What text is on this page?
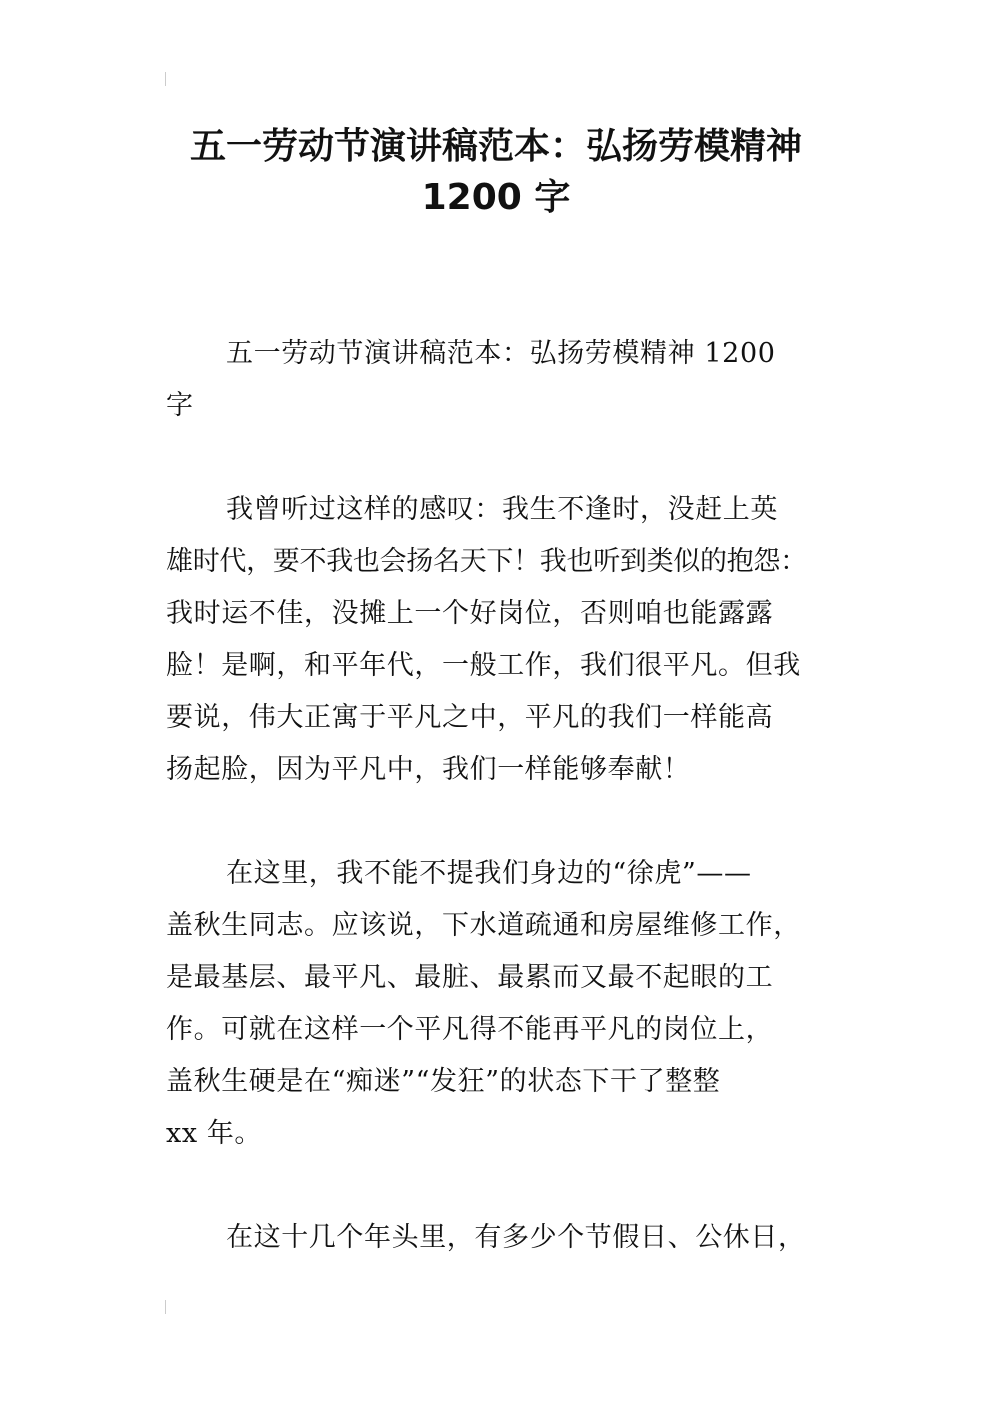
五一劳动节演讲稿范本：弘扬劳模精神
1200 字
五一劳动节演讲稿范本：弘扬劳模精神 1200
字
我曾听过这样的感叹：我生不逢时，没赶上英
雄时代，要不我也会扬名天下！我也听到类似的抱怨：
我时运不佳，没摊上一个好岗位，否则咱也能露露
脸！是啊，和平年代，一般工作，我们很平凡。但我
要说，伟大正寓于平凡之中，平凡的我们一样能高
扬起脸，因为平凡中，我们一样能够奉献！
在这里，我不能不提我们身边的“徐虎”——
盖秋生同志。应该说，下水道疏通和房屋维修工作，
是最基层、最平凡、最脏、最累而又最不起眼的工
作。可就在这样一个平凡得不能再平凡的岗位上，
盖秋生硬是在“痴迷”“发狂”的状态下干了整整
xx 年。
在这十几个年头里，有多少个节假日、公休日，
